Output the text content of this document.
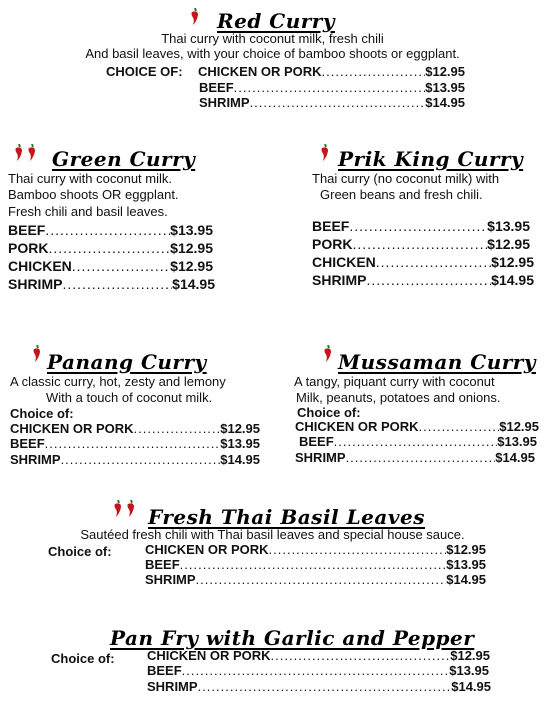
Red Curry
Thai curry with coconut milk, fresh chili
And basil leaves, with your choice of bamboo shoots or eggplant.
CHOICE OF: CHICKEN OR PORK .....	$12.95
BEEF .....	$13.95
SHRIMP .....	$14.95
Green Curry
Thai curry with coconut milk.
Bamboo shoots OR eggplant.
Fresh chili and basil leaves.
BEEF .....	$13.95
PORK .....	$12.95
CHICKEN .....	$12.95
SHRIMP .....	$14.95
Prik King Curry
Thai curry (no coconut milk) with
Green beans and fresh chili.
BEEF .....	$13.95
PORK .....	$12.95
CHICKEN .....	$12.95
SHRIMP .....	$14.95
Panang Curry
A classic curry, hot, zesty and lemony
With a touch of coconut milk.
Choice of:
CHICKEN OR PORK .....	$12.95
BEEF .....	$13.95
SHRIMP .....	$14.95
Mussaman Curry
A tangy, piquant curry with coconut
Milk, peanuts, potatoes and onions.
Choice of:
CHICKEN OR PORK .....	$12.95
BEEF .....	$13.95
SHRIMP .....	$14.95
Fresh Thai Basil Leaves
Sautéed fresh chili with Thai basil leaves and special house sauce.
Choice of:	CHICKEN OR PORK .....	$12.95
BEEF .....	$13.95
SHRIMP .....	$14.95
Pan Fry with Garlic and Pepper
Choice of: CHICKEN OR PORK .....	$12.95
BEEF .....	$13.95
SHRIMP .....	$14.95
